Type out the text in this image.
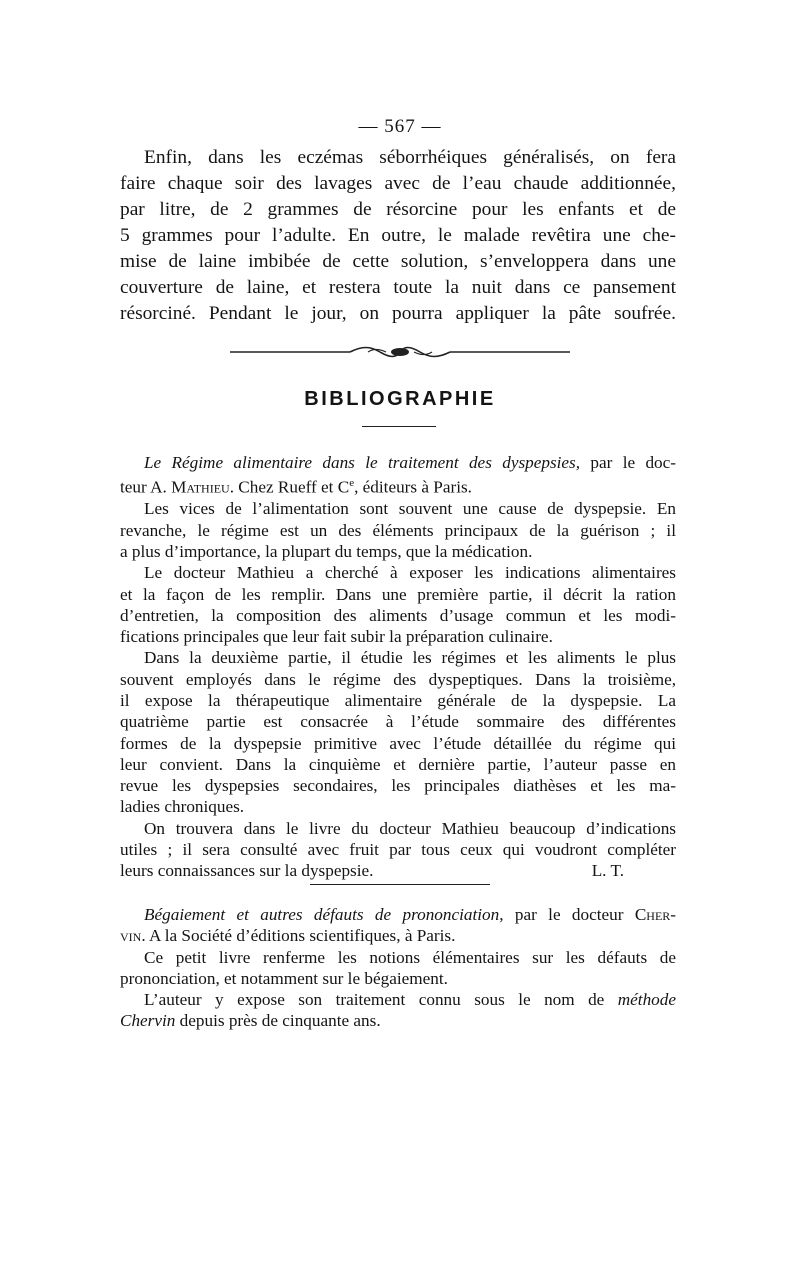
— 567 —
Enfin, dans les eczémas séborrhéiques généralisés, on fera
faire chaque soir des lavages avec de l’eau chaude additionnée,
par litre, de 2 grammes de résorcine pour les enfants et de
5 grammes pour l’adulte. En outre, le malade revêtira une che-
mise de laine imbibée de cette solution, s’enveloppera dans une
couverture de laine, et restera toute la nuit dans ce pansement
résorciné. Pendant le jour, on pourra appliquer la pâte soufrée.
BIBLIOGRAPHIE
Le Régime alimentaire dans le traitement des dyspepsies, par le doc-
teur A. Mathieu. Chez Rueff et Ce, éditeurs à Paris.
Les vices de l’alimentation sont souvent une cause de dyspepsie. En
revanche, le régime est un des éléments principaux de la guérison ; il
a plus d’importance, la plupart du temps, que la médication.
Le docteur Mathieu a cherché à exposer les indications alimentaires
et la façon de les remplir. Dans une première partie, il décrit la ration
d’entretien, la composition des aliments d’usage commun et les modi-
fications principales que leur fait subir la préparation culinaire.
Dans la deuxième partie, il étudie les régimes et les aliments le plus
souvent employés dans le régime des dyspeptiques. Dans la troisième,
il expose la thérapeutique alimentaire générale de la dyspepsie. La
quatrième partie est consacrée à l’étude sommaire des différentes
formes de la dyspepsie primitive avec l’étude détaillée du régime qui
leur convient. Dans la cinquième et dernière partie, l’auteur passe en
revue les dyspepsies secondaires, les principales diathèses et les ma-
ladies chroniques.
On trouvera dans le livre du docteur Mathieu beaucoup d’indications
utiles ; il sera consulté avec fruit par tous ceux qui voudront compléter
leurs connaissances sur la dyspepsie.	L. T.
Bégaiement et autres défauts de prononciation, par le docteur Cher-
vin. A la Société d’éditions scientifiques, à Paris.
Ce petit livre renferme les notions élémentaires sur les défauts de
prononciation, et notamment sur le bégaiement.
L’auteur y expose son traitement connu sous le nom de méthode
Chervin depuis près de cinquante ans.
